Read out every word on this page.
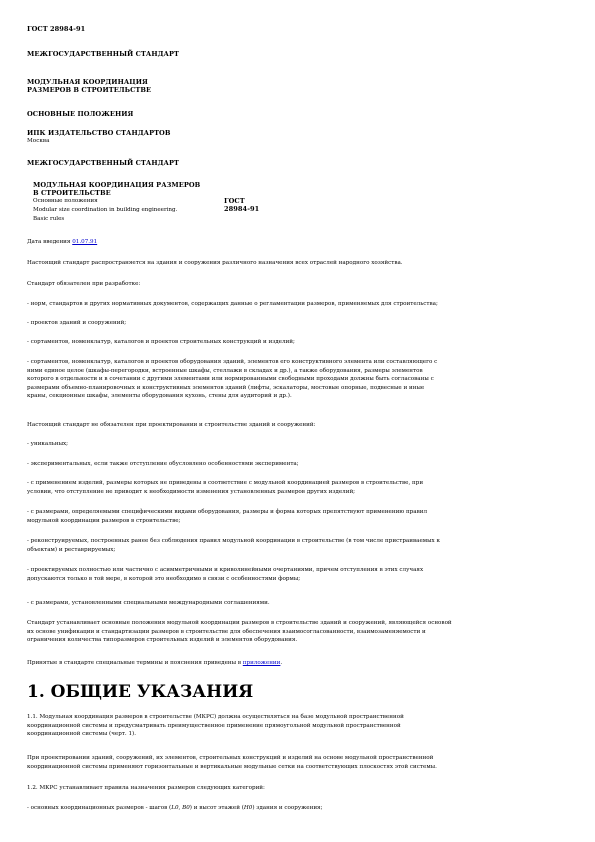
ГОСТ 28984-91
МЕЖГОСУДАРСТВЕННЫЙ СТАНДАРТ
МОДУЛЬНАЯ КООРДИНАЦИЯ
РАЗМЕРОВ В СТРОИТЕЛЬСТВЕ
ОСНОВНЫЕ ПОЛОЖЕНИЯ
ИПК ИЗДАТЕЛЬСТВО СТАНДАРТОВ
Москва
МЕЖГОСУДАРСТВЕННЫЙ СТАНДАРТ
МОДУЛЬНАЯ КООРДИНАЦИЯ РАЗМЕРОВ
В СТРОИТЕЛЬСТВЕ
Основные положения
Modular size coordination in building engineering.
Basic rules
ГОСТ
28984-91
Дата введения 01.07.91
Настоящий стандарт распространяется на здания и сооружения различного назначения всех отраслей народного хозяйства.
Стандарт обязателен при разработке:
- норм, стандартов и других нормативных документов, содержащих данные о регламентации размеров, применяемых для строительства;
- проектов зданий и сооружений;
- сортаментов, номенклатур, каталогов и проектов строительных конструкций и изделий;
- сортаментов, номенклатур, каталогов и проектов оборудования зданий, элементов его конструктивного элемента или составляющего с
ними единое целое (шкафы-перегородки, встроенные шкафы, стеллажи в складах и др.), а также оборудования, размеры элементов
которого в отдельности и в сочетании с другими элементами или нормированными свободными проходами должны быть согласованы с
размерами объемно-планировочных и конструктивных элементов зданий (лифты, эскалаторы, мостовые опорные, подвесные и иные
краны, секционные шкафы, элементы оборудования кухонь, стены для аудиторий и др.).
Настоящий стандарт не обязателен при проектировании и строительстве зданий и сооружений:
- уникальных;
- экспериментальных, если также отступление обусловлено особенностями эксперимента;
- с применением изделий, размеры которых не приведены в соответствие с модульной координацией размеров в строительстве, при
условии, что отступление не приводит к необходимости изменения установленных размеров других изделий;
- с размерами, определяемыми специфическими видами оборудования, размеры и форма которых препятствуют применению правил
модульной координации размеров в строительстве;
- реконструируемых, построенных ранее без соблюдения правил модульной координации в строительстве (в том числе пристраиваемых к
объектам) и реставрируемых;
- проектируемых полностью или частично с асимметричными и криволинейными очертаниями, причем отступления в этих случаях
допускаются только в той мере, в которой это необходимо в связи с особенностями формы;
- с размерами, установленными специальными международными соглашениями.
Стандарт устанавливает основные положения модульной координации размеров в строительстве зданий и сооружений, являющейся основой
их основе унификации и стандартизации размеров в строительстве для обеспечения взаимосогласованности, взаимозаменяемости и
ограничения количества типоразмеров строительных изделий и элементов оборудования.
Принятые в стандарте специальные термины и пояснения приведены в приложении.
1. ОБЩИЕ УКАЗАНИЯ
1.1. Модульная координация размеров в строительстве (МКРС) должна осуществляться на базе модульной пространственной
координационной системы и предусматривать преимущественное применение прямоугольной модульной пространственной
координационной системы (черт. 1).
При проектировании зданий, сооружений, их элементов, строительных конструкций и изделий на основе модульной пространственной
координационной системы применяют горизонтальные и вертикальные модульные сетки на соответствующих плоскостях этой системы.
1.2. МКРС устанавливает правила назначения размеров следующих категорий:
- основных координационных размеров - шагов (L0, B0) и высот этажей (H0) здания и сооружения;
